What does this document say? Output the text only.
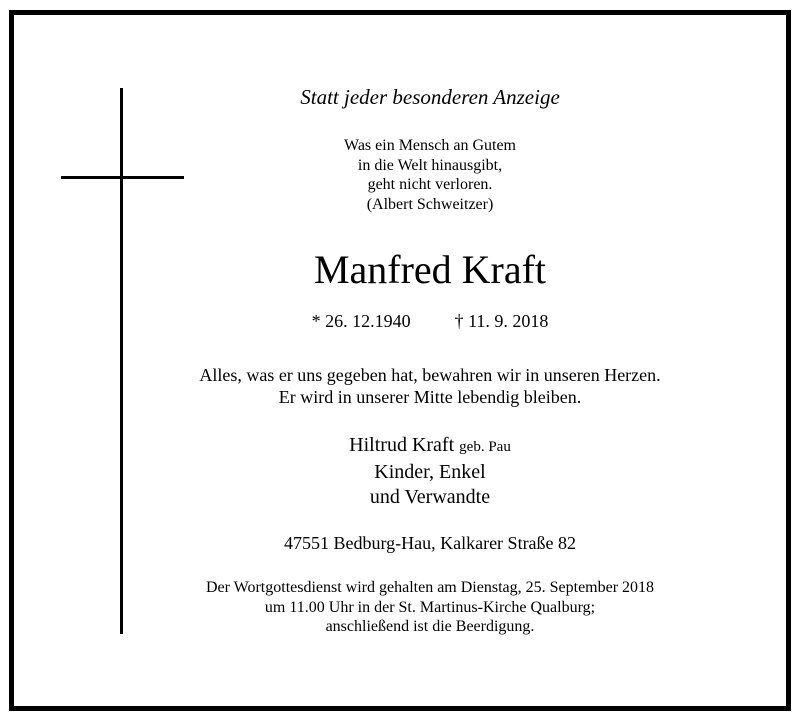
Statt jeder besonderen Anzeige
Was ein Mensch an Gutem
in die Welt hinausgibt,
geht nicht verloren.
(Albert Schweitzer)
Manfred Kraft
* 26. 12.1940 † 11. 9. 2018
Alles, was er uns gegeben hat, bewahren wir in unseren Herzen.
Er wird in unserer Mitte lebendig bleiben.
Hiltrud Kraft geb. Pau
Kinder, Enkel
und Verwandte
47551 Bedburg-Hau, Kalkarer Straße 82
Der Wortgottesdienst wird gehalten am Dienstag, 25. September 2018
um 11.00 Uhr in der St. Martinus-Kirche Qualburg;
anschließend ist die Beerdigung.
